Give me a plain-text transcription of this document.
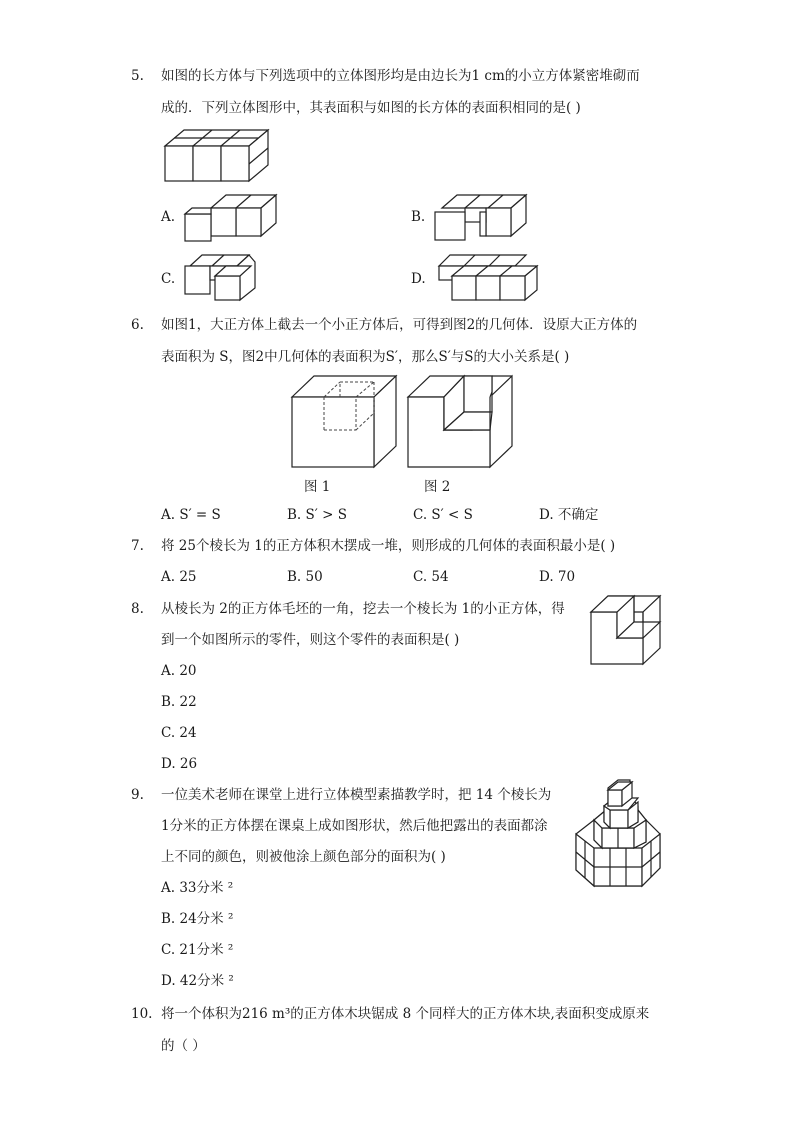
5. 如图的长方体与下列选项中的立体图形均是由边长为1 cm的小立方体紧密堆砌而
成的．下列立体图形中，其表面积与如图的长方体的表面积相同的是( )
A.	B.
C.	D.
6. 如图1，大正方体上截去一个小正方体后，可得到图2的几何体．设原大正方体的
表面积为 S，图2中几何体的表面积为S′，那么S′与S的大小关系是( )
图 1	图 2
A. S′ = S	B. S′ > S	C. S′ < S	D. 不确定
7. 将 25个棱长为 1的正方体积木摆成一堆，则形成的几何体的表面积最小是( )
A. 25	B. 50	C. 54	D. 70
8. 从棱长为 2的正方体毛坯的一角，挖去一个棱长为 1的小正方体，得
到一个如图所示的零件，则这个零件的表面积是( )
A. 20
B. 22
C. 24
D. 26
9. 一位美术老师在课堂上进行立体模型素描教学时，把 14 个棱长为
1分米的正方体摆在课桌上成如图形状，然后他把露出的表面都涂
上不同的颜色，则被他涂上颜色部分的面积为( )
A. 33分米 ²
B. 24分米 ²
C. 21分米 ²
D. 42分米 ²
10. 将一个体积为216 m³的正方体木块锯成 8 个同样大的正方体木块,表面积变成原来
的（ ）
